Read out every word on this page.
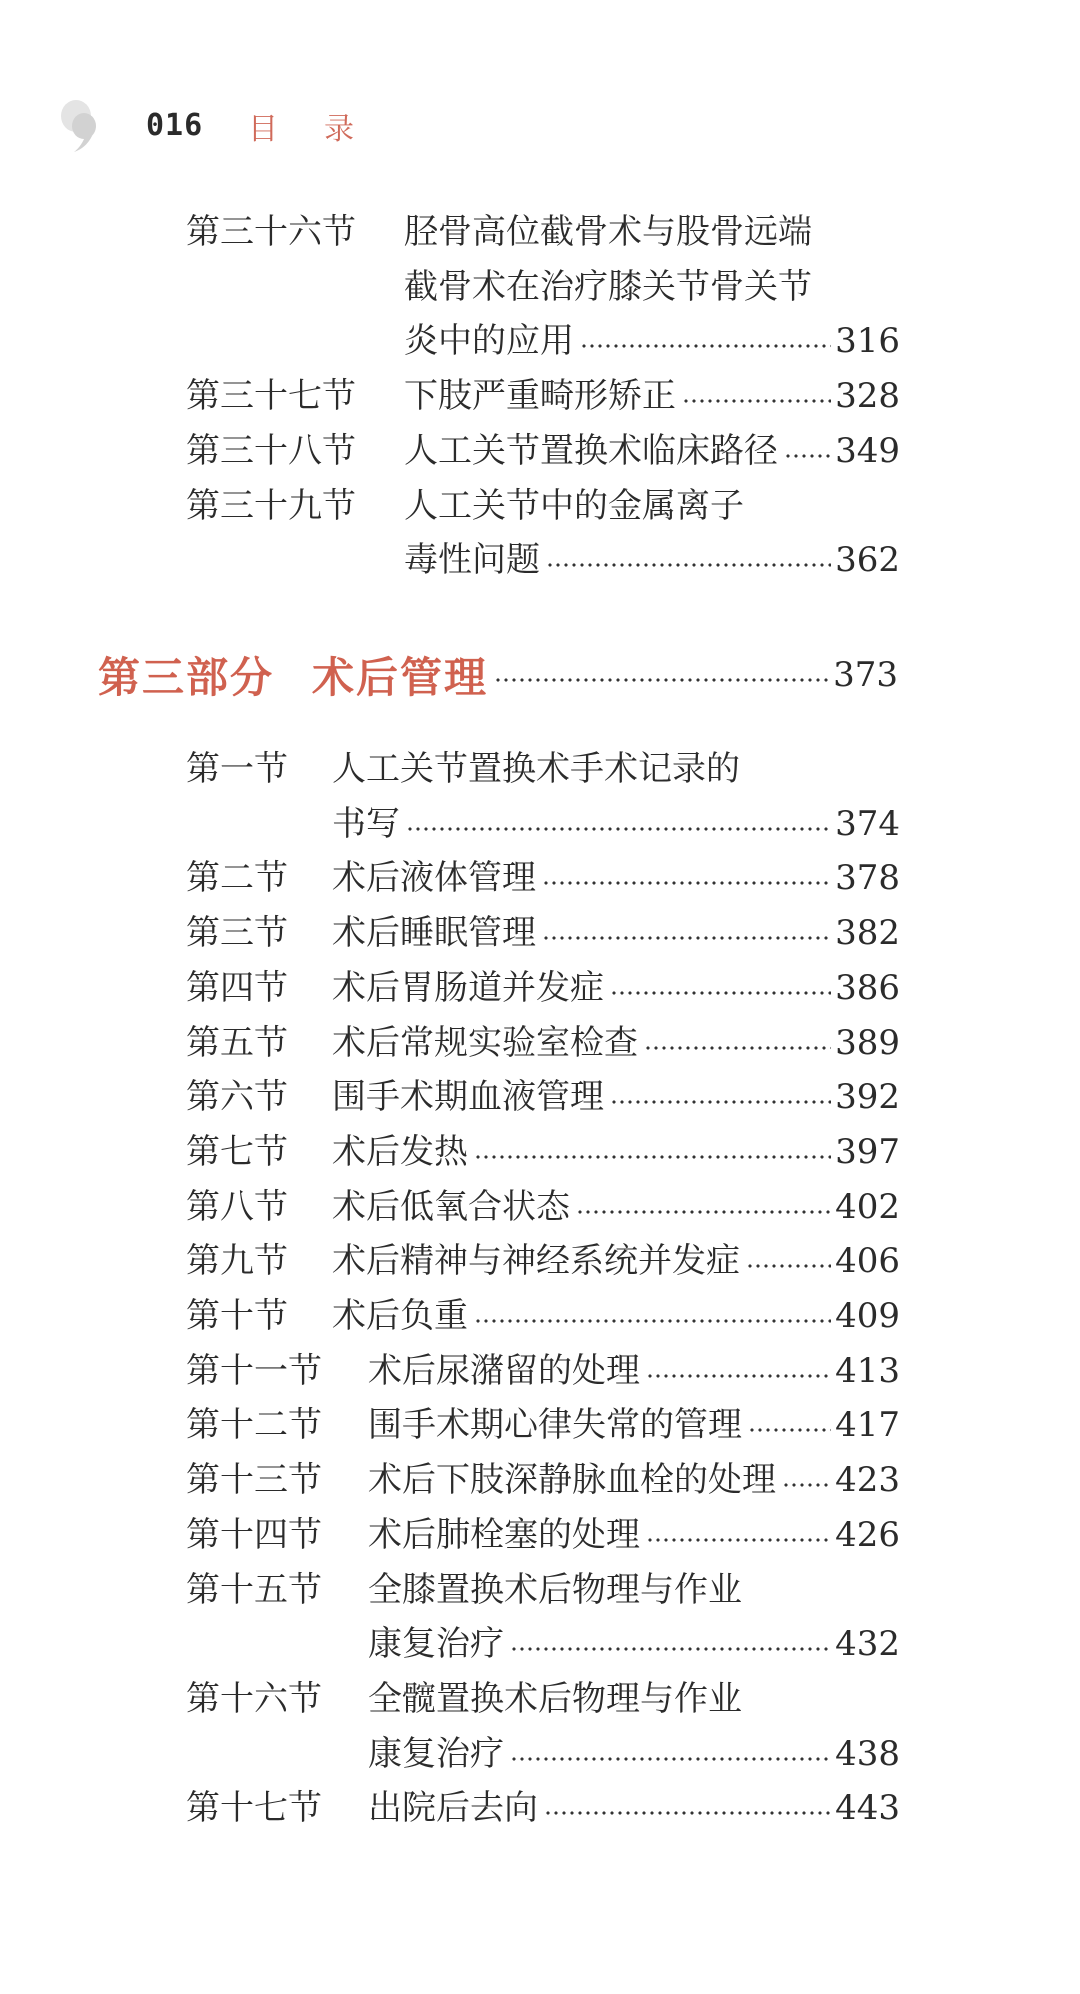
016 目录
第三十六节	胫骨高位截骨术与股骨远端
截骨术在治疗膝关节骨关节
炎中的应用	316
第三十七节	下肢严重畸形矫正	328
第三十八节	人工关节置换术临床路径 349
第三十九节	人工关节中的金属离子
毒性问题	362
第一节	人工关节置换术手术记录的
书写	374
第二节	术后液体管理	378
第三节	术后睡眠管理	382
第四节	术后胃肠道并发症	386
第五节	术后常规实验室检查	389
第六节	围手术期血液管理	392
第七节	术后发热	397
第八节	术后低氧合状态	402
第九节	术后精神与神经系统并发症	406
第十节	术后负重	409
第十一节	术后尿潴留的处理	413
第十二节	围手术期心律失常的管理	417
第十三节	术后下肢深静脉血栓的处理 423
第十四节	术后肺栓塞的处理	426
第十五节	全膝置换术后物理与作业
康复治疗	432
第十六节	全髋置换术后物理与作业
康复治疗	438
第十七节	出院后去向	443
第三部分 术后管理	373
